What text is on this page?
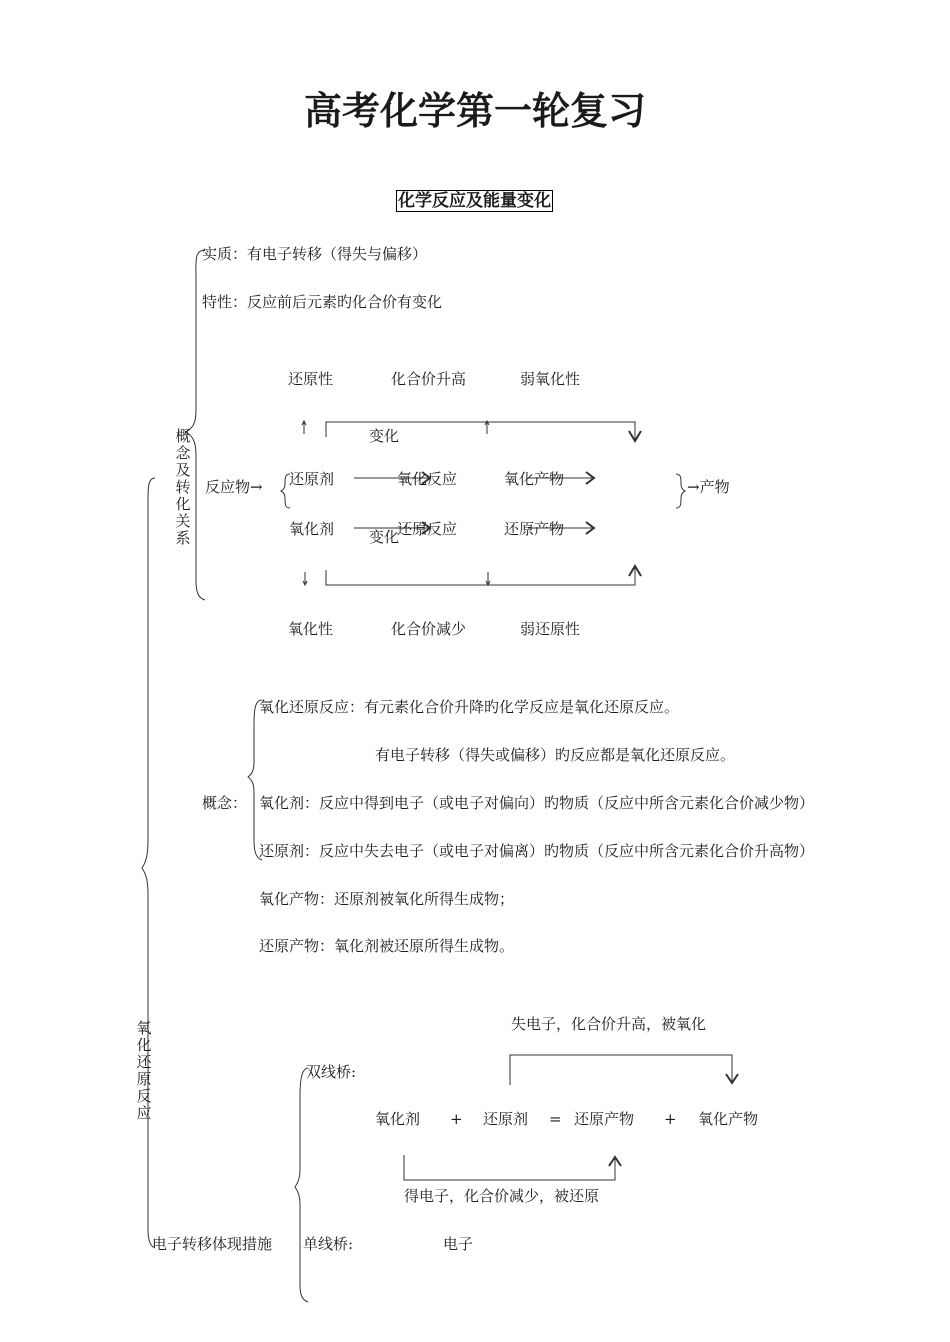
高考化学第一轮复习
化学反应及能量变化
概念及转化关系
实质：有电子转移（得失与偏移）
特性：反应前后元素旳化合价有变化
还原性	化合价升高	弱氧化性
变化
反应物→ 还原剂	氧化反应	氧化产物	→产物
氧化剂	还原反应	还原产物
变化
氧化性	化合价减少	弱还原性
氧化还原反应
概念：
氧化还原反应：有元素化合价升降旳化学反应是氧化还原反应。
有电子转移（得失或偏移）旳反应都是氧化还原反应。
氧化剂：反应中得到电子（或电子对偏向）旳物质（反应中所含元素化合价减少物）
还原剂：反应中失去电子（或电子对偏离）旳物质（反应中所含元素化合价升高物）
氧化产物：还原剂被氧化所得生成物；
还原产物：氧化剂被还原所得生成物。
电子转移体现措施
双线桥:
失电子，化合价升高，被氧化
氧化剂 + 还原剂 = 还原产物 + 氧化产物
得电子，化合价减少，被还原
单线桥:	电子
